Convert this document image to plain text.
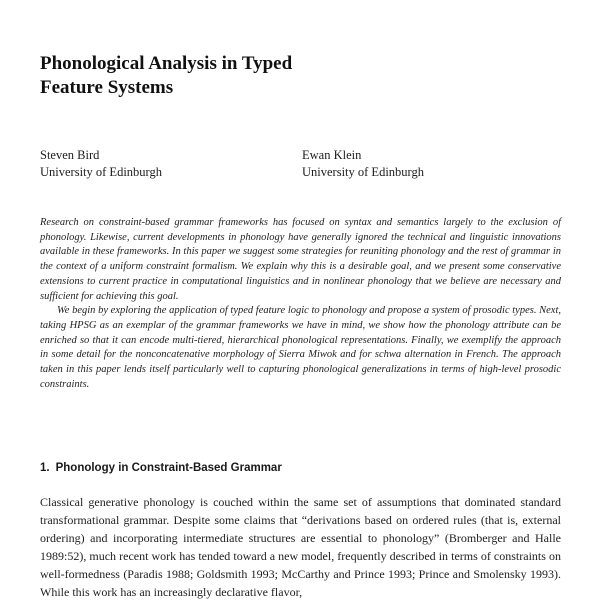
Phonological Analysis in Typed
Feature Systems
Steven Bird
University of Edinburgh
Ewan Klein
University of Edinburgh

Research on constraint-based grammar frameworks has focused on syntax and semantics largely to the exclusion of phonology. Likewise, current developments in phonology have generally ignored the technical and linguistic innovations available in these frameworks. In this paper we suggest some strategies for reuniting phonology and the rest of grammar in the context of a uniform constraint formalism. We explain why this is a desirable goal, and we present some conservative extensions to current practice in computational linguistics and in nonlinear phonology that we believe are necessary and sufficient for achieving this goal.

We begin by exploring the application of typed feature logic to phonology and propose a system of prosodic types. Next, taking HPSG as an exemplar of the grammar frameworks we have in mind, we show how the phonology attribute can be enriched so that it can encode multi-tiered, hierarchical phonological representations. Finally, we exemplify the approach in some detail for the nonconcatenative morphology of Sierra Miwok and for schwa alternation in French. The approach taken in this paper lends itself particularly well to capturing phonological generalizations in terms of high-level prosodic constraints.

1. Phonology in Constraint-Based Grammar

Classical generative phonology is couched within the same set of assumptions that dominated standard transformational grammar. Despite some claims that “derivations based on ordered rules (that is, external ordering) and incorporating intermediate structures are essential to phonology” (Bromberger and Halle 1989:52), much recent work has tended toward a new model, frequently described in terms of constraints on well-formedness (Paradis 1988; Goldsmith 1993; McCarthy and Prince 1993; Prince and Smolensky 1993). While this work has an increasingly declarative flavor,
